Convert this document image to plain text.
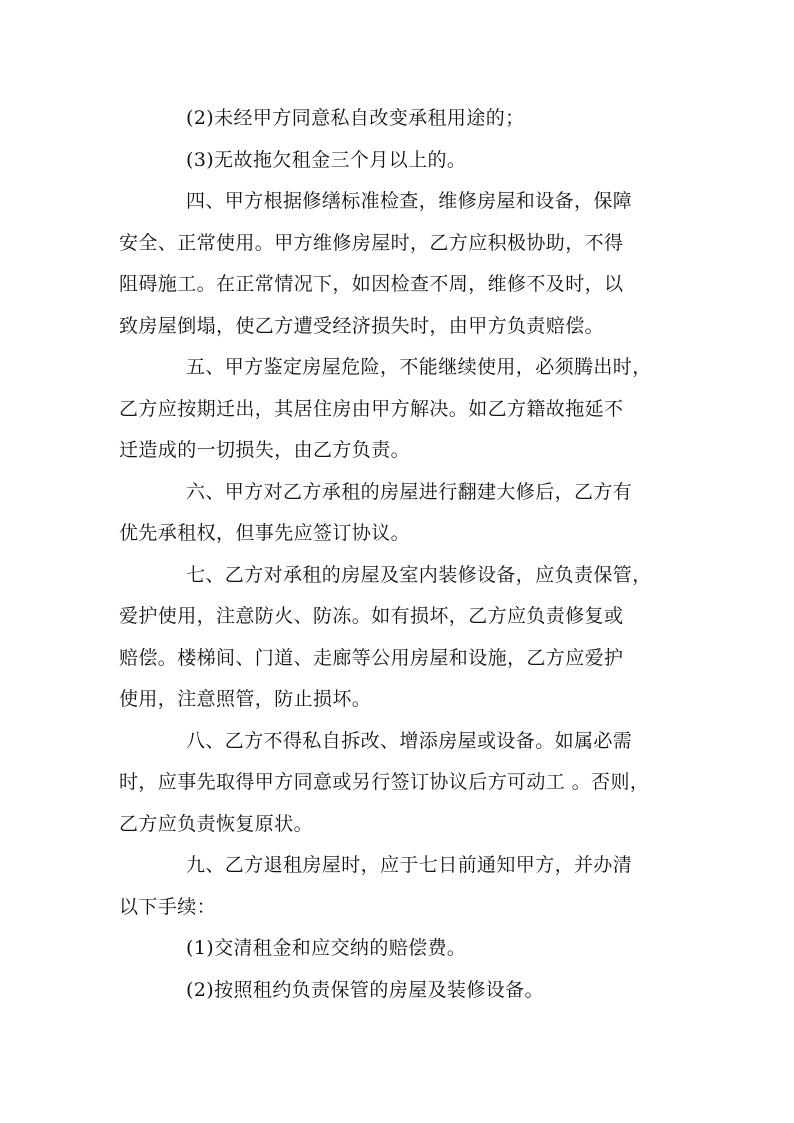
(2)未经甲方同意私自改变承租用途的；
(3)无故拖欠租金三个月以上的。
四、甲方根据修缮标准检查，维修房屋和设备，保障
安全、正常使用。甲方维修房屋时，乙方应积极协助，不得
阻碍施工。在正常情况下，如因检查不周，维修不及时，以
致房屋倒塌，使乙方遭受经济损失时，由甲方负责赔偿。
五、甲方鉴定房屋危险，不能继续使用，必须腾出时，
乙方应按期迁出，其居住房由甲方解决。如乙方籍故拖延不
迁造成的一切损失，由乙方负责。
六、甲方对乙方承租的房屋进行翻建大修后，乙方有
优先承租权，但事先应签订协议。
七、乙方对承租的房屋及室内装修设备，应负责保管，
爱护使用，注意防火、防冻。如有损坏，乙方应负责修复或
赔偿。楼梯间、门道、走廊等公用房屋和设施，乙方应爱护
使用，注意照管，防止损坏。
八、乙方不得私自拆改、增添房屋或设备。如属必需
时，应事先取得甲方同意或另行签订协议后方可动工 。否则，
乙方应负责恢复原状。
九、乙方退租房屋时，应于七日前通知甲方，并办清
以下手续：
(1)交清租金和应交纳的赔偿费。
(2)按照租约负责保管的房屋及装修设备。
